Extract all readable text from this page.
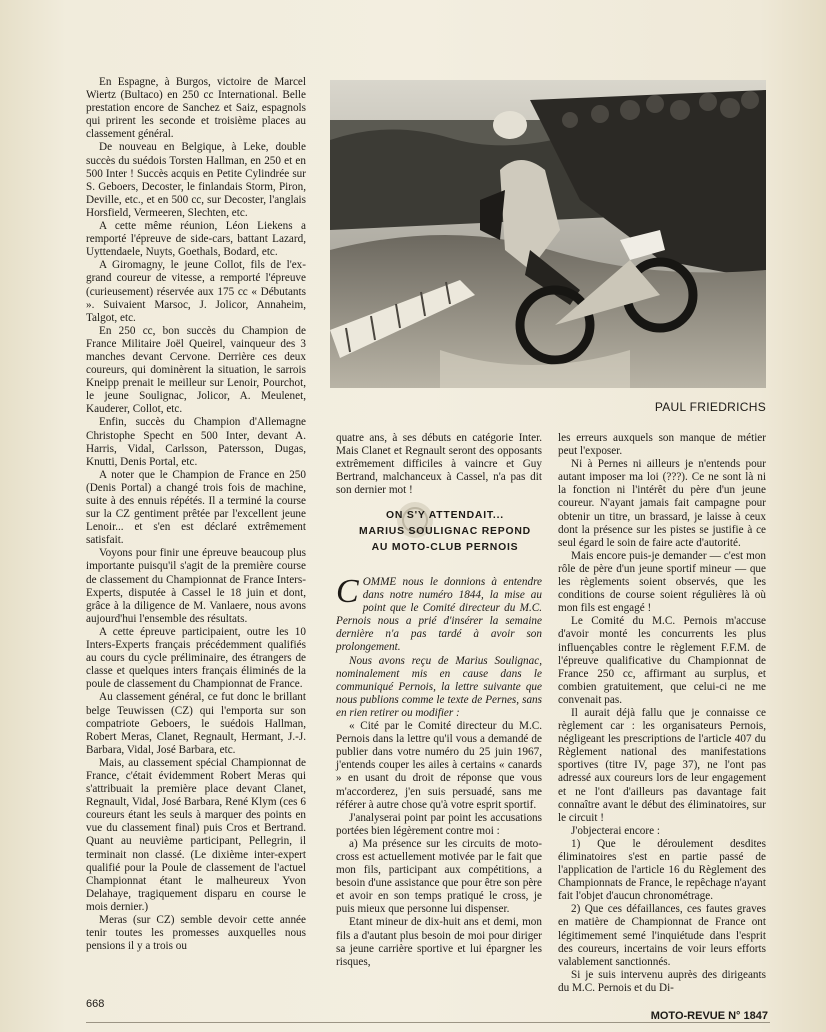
En Espagne, à Burgos, victoire de Marcel Wiertz (Bultaco) en 250 cc International. Belle prestation encore de Sanchez et Saiz, espagnols qui prirent les seconde et troisième places au classement général.

De nouveau en Belgique, à Leke, double succès du suédois Torsten Hallman, en 250 et en 500 Inter ! Succès acquis en Petite Cylindrée sur S. Geboers, Decoster, le finlandais Storm, Piron, Deville, etc., et en 500 cc, sur Decoster, l'anglais Horsfield, Vermeeren, Slechten, etc.

A cette même réunion, Léon Liekens a remporté l'épreuve de side-cars, battant Lazard, Uyttendaele, Nuyts, Goethals, Bodard, etc.

A Giromagny, le jeune Collot, fils de l'ex-grand coureur de vitesse, a remporté l'épreuve (curieusement) réservée aux 175 cc « Débutants ». Suivaient Marsoc, J. Jolicor, Annaheim, Talgot, etc.

En 250 cc, bon succès du Champion de France Militaire Joël Queirel, vainqueur des 3 manches devant Cervone. Derrière ces deux coureurs, qui dominèrent la situation, le sarrois Kneipp prenait le meilleur sur Lenoir, Pourchot, le jeune Soulignac, Jolicor, A. Meulenet, Kauderer, Collot, etc.

Enfin, succès du Champion d'Allemagne Christophe Specht en 500 Inter, devant A. Harris, Vidal, Carlsson, Patersson, Dugas, Knutti, Denis Portal, etc.

A noter que le Champion de France en 250 (Denis Portal) a changé trois fois de machine, suite à des ennuis répétés. Il a terminé la course sur la CZ gentiment prêtée par l'excellent jeune Lenoir... et s'en est déclaré extrêmement satisfait.

Voyons pour finir une épreuve beaucoup plus importante puisqu'il s'agit de la première course de classement du Championnat de France Inters-Experts, disputée à Cassel le 18 juin et dont, grâce à la diligence de M. Vanlaere, nous avons aujourd'hui l'ensemble des résultats.

A cette épreuve participaient, outre les 10 Inters-Experts français précédemment qualifiés au cours du cycle préliminaire, des étrangers de classe et quelques inters français éliminés de la poule de classement du Championnat de France.

Au classement général, ce fut donc le brillant belge Teuwissen (CZ) qui l'emporta sur son compatriote Geboers, le suédois Hallman, Robert Meras, Clanet, Regnault, Hermant, J.-J. Barbara, Vidal, José Barbara, etc.

Mais, au classement spécial Championnat de France, c'était évidemment Robert Meras qui s'attribuait la première place devant Clanet, Regnault, Vidal, José Barbara, René Klym (ces 6 coureurs étant les seuls à marquer des points en vue du classement final) puis Cros et Bertrand. Quant au neuvième participant, Pellegrin, il terminait non classé. (Le dixième inter-expert qualifié pour la Poule de classement de l'actuel Championnat étant le malheureux Yvon Delahaye, tragiquement disparu en course le mois dernier.)

Meras (sur CZ) semble devoir cette année tenir toutes les promesses auxquelles nous pensions il y a trois ou

PAUL FRIEDRICHS

quatre ans, à ses débuts en catégorie Inter. Mais Clanet et Regnault seront des opposants extrêmement difficiles à vaincre et Guy Bertrand, malchanceux à Cassel, n'a pas dit son dernier mot !

ON S'Y ATTENDAIT...
MARIUS SOULIGNAC REPOND
AU MOTO-CLUB PERNOIS

COMME nous le donnions à entendre dans notre numéro 1844, la mise au point que le Comité directeur du M.C. Pernois nous a prié d'insérer la semaine dernière n'a pas tardé à avoir son prolongement.

Nous avons reçu de Marius Soulignac, nominalement mis en cause dans le communiqué Pernois, la lettre suivante que nous publions comme le texte de Pernes, sans en rien retirer ou modifier :

« Cité par le Comité directeur du M.C. Pernois dans la lettre qu'il vous a demandé de publier dans votre numéro du 25 juin 1967, j'entends couper les ailes à certains « canards » en usant du droit de réponse que vous m'accorderez, j'en suis persuadé, sans me référer à autre chose qu'à votre esprit sportif.

J'analyserai point par point les accusations portées bien légèrement contre moi :

a) Ma présence sur les circuits de moto-cross est actuellement motivée par le fait que mon fils, participant aux compétitions, a besoin d'une assistance que pour être son père et avoir en son temps pratiqué le cross, je puis mieux que personne lui dispenser.

Etant mineur de dix-huit ans et demi, mon fils a d'autant plus besoin de moi pour diriger sa jeune carrière sportive et lui épargner les risques,

les erreurs auxquels son manque de métier peut l'exposer.

Ni à Pernes ni ailleurs je n'entends pour autant imposer ma loi (???). Ce ne sont là ni la fonction ni l'intérêt du père d'un jeune coureur. N'ayant jamais fait campagne pour obtenir un titre, un brassard, je laisse à ceux dont la présence sur les pistes se justifie à ce seul égard le soin de faire acte d'autorité.

Mais encore puis-je demander — c'est mon rôle de père d'un jeune sportif mineur — que les règlements soient observés, que les conditions de course soient régulières là où mon fils est engagé !

Le Comité du M.C. Pernois m'accuse d'avoir monté les concurrents les plus influençables contre le règlement F.F.M. de l'épreuve qualificative du Championnat de France 250 cc, affirmant au surplus, et combien gratuitement, que celui-ci ne me convenait pas.

Il aurait déjà fallu que je connaisse ce règlement car : les organisateurs Pernois, négligeant les prescriptions de l'article 407 du Règlement national des manifestations sportives (titre IV, page 37), ne l'ont pas adressé aux coureurs lors de leur engagement et ne l'ont d'ailleurs pas davantage fait connaître avant le début des éliminatoires, sur le circuit !

J'objecterai encore :

1) Que le déroulement desdites éliminatoires s'est en partie passé de l'application de l'article 16 du Règlement des Championnats de France, le repêchage n'ayant fait l'objet d'aucun chronométrage.

2) Que ces défaillances, ces fautes graves en matière de Championnat de France ont légitimement semé l'inquiétude dans l'esprit des coureurs, incertains de voir leurs efforts valablement sanctionnés.

Si je suis intervenu auprès des dirigeants du M.C. Pernois et du Di-

668
MOTO-REVUE N° 1847
